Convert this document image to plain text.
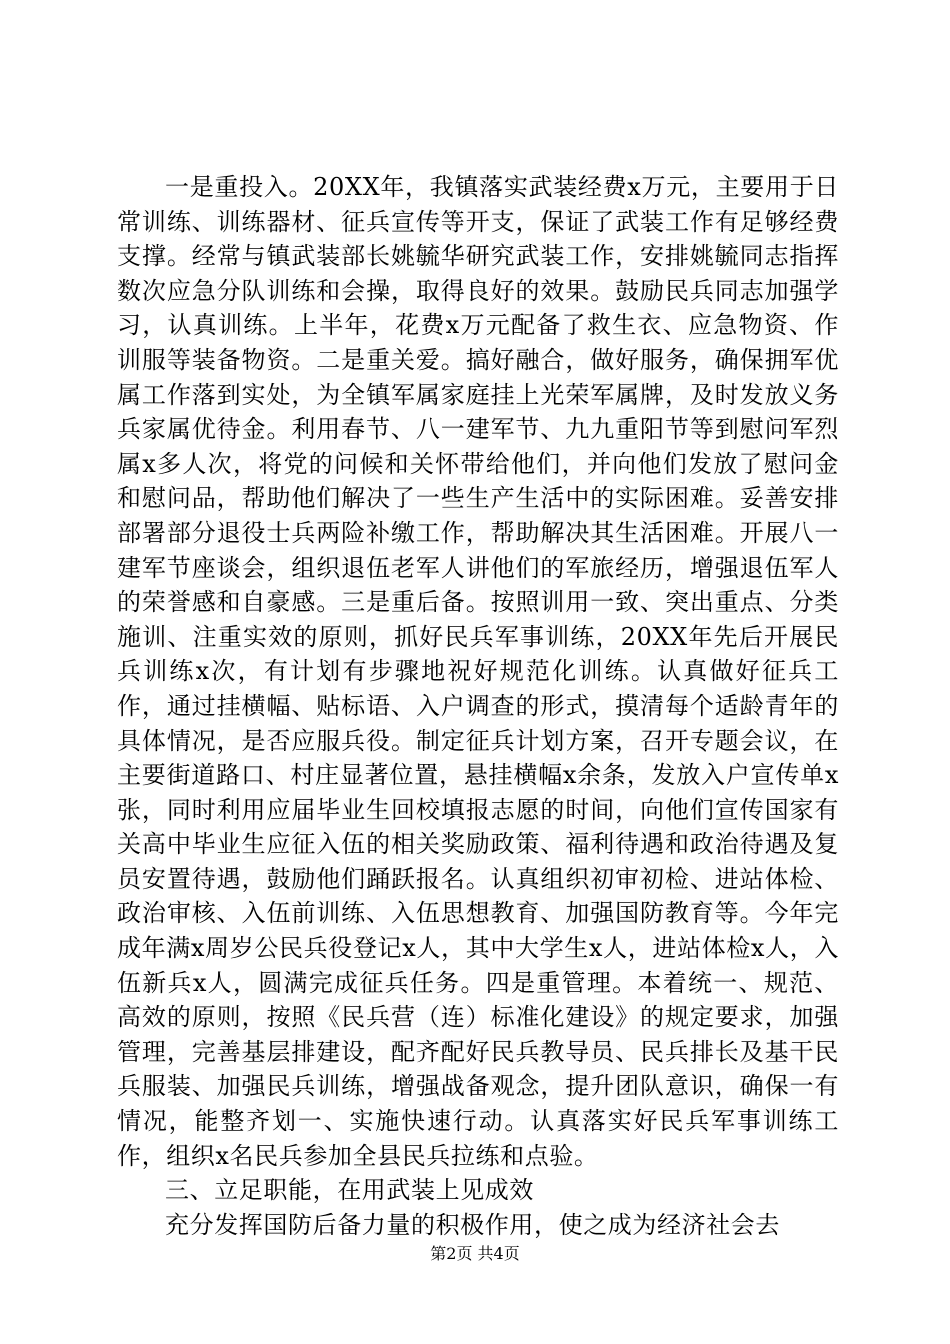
一是重投入。20XX年，我镇落实武装经费x万元，主要用于日常训练、训练器材、征兵宣传等开支，保证了武装工作有足够经费支撑。经常与镇武装部长姚毓华研究武装工作，安排姚毓同志指挥数次应急分队训练和会操，取得良好的效果。鼓励民兵同志加强学习，认真训练。上半年，花费x万元配备了救生衣、应急物资、作训服等装备物资。二是重关爱。搞好融合，做好服务，确保拥军优属工作落到实处，为全镇军属家庭挂上光荣军属牌，及时发放义务兵家属优待金。利用春节、八一建军节、九九重阳节等到慰问军烈属x多人次，将党的问候和关怀带给他们，并向他们发放了慰问金和慰问品，帮助他们解决了一些生产生活中的实际困难。妥善安排部署部分退役士兵两险补缴工作，帮助解决其生活困难。开展八一建军节座谈会，组织退伍老军人讲他们的军旅经历，增强退伍军人的荣誉感和自豪感。三是重后备。按照训用一致、突出重点、分类施训、注重实效的原则，抓好民兵军事训练，20XX年先后开展民兵训练x次，有计划有步骤地祝好规范化训练。认真做好征兵工作，通过挂横幅、贴标语、入户调查的形式，摸清每个适龄青年的具体情况，是否应服兵役。制定征兵计划方案，召开专题会议，在主要街道路口、村庄显著位置，悬挂横幅x余条，发放入户宣传单x张，同时利用应届毕业生回校填报志愿的时间，向他们宣传国家有关高中毕业生应征入伍的相关奖励政策、福利待遇和政治待遇及复员安置待遇，鼓励他们踊跃报名。认真组织初审初检、进站体检、政治审核、入伍前训练、入伍思想教育、加强国防教育等。今年完成年满x周岁公民兵役登记x人，其中大学生x人，进站体检x人，入伍新兵x人，圆满完成征兵任务。四是重管理。本着统一、规范、高效的原则，按照《民兵营（连）标准化建设》的规定要求，加强管理，完善基层排建设，配齐配好民兵教导员、民兵排长及基干民兵服装、加强民兵训练，增强战备观念，提升团队意识，确保一有情况，能整齐划一、实施快速行动。认真落实好民兵军事训练工作，组织x名民兵参加全县民兵拉练和点验。

三、立足职能，在用武装上见成效

充分发挥国防后备力量的积极作用，使之成为经济社会去

第2页 共4页
